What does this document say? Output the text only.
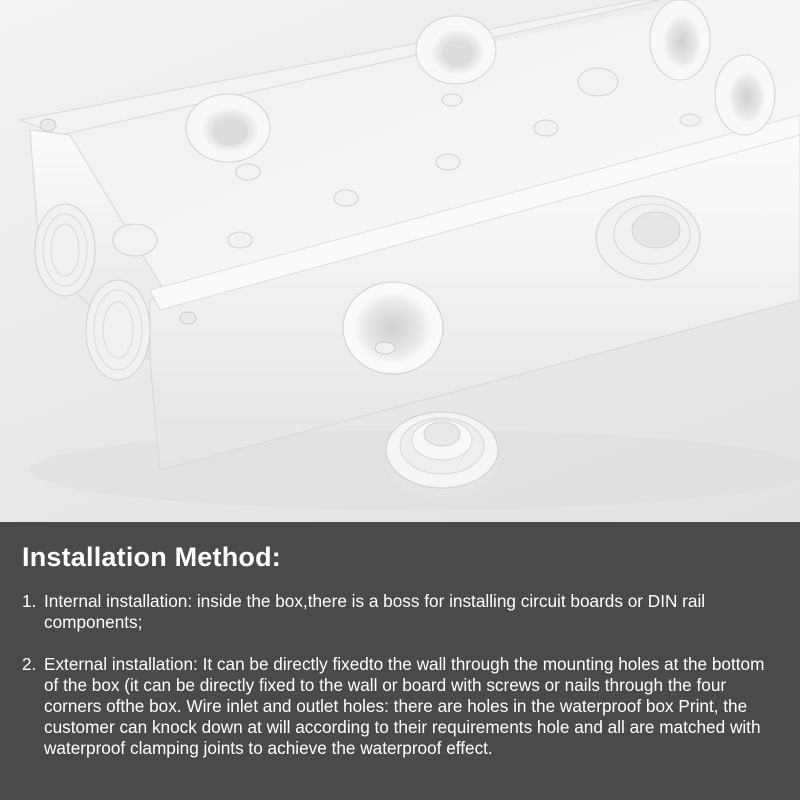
Installation Method:
1. Internal installation: inside the box,there is a boss for installing circuit boards or DIN rail components;
2. External installation: It can be directly fixedto the wall through the mounting holes at the bottom of the box (it can be directly fixed to the wall or board with screws or nails through the four corners ofthe box. Wire inlet and outlet holes: there are holes in the waterproof box Print, the customer can knock down at will according to their requirements hole and all are matched with waterproof clamping joints to achieve the waterproof effect.
